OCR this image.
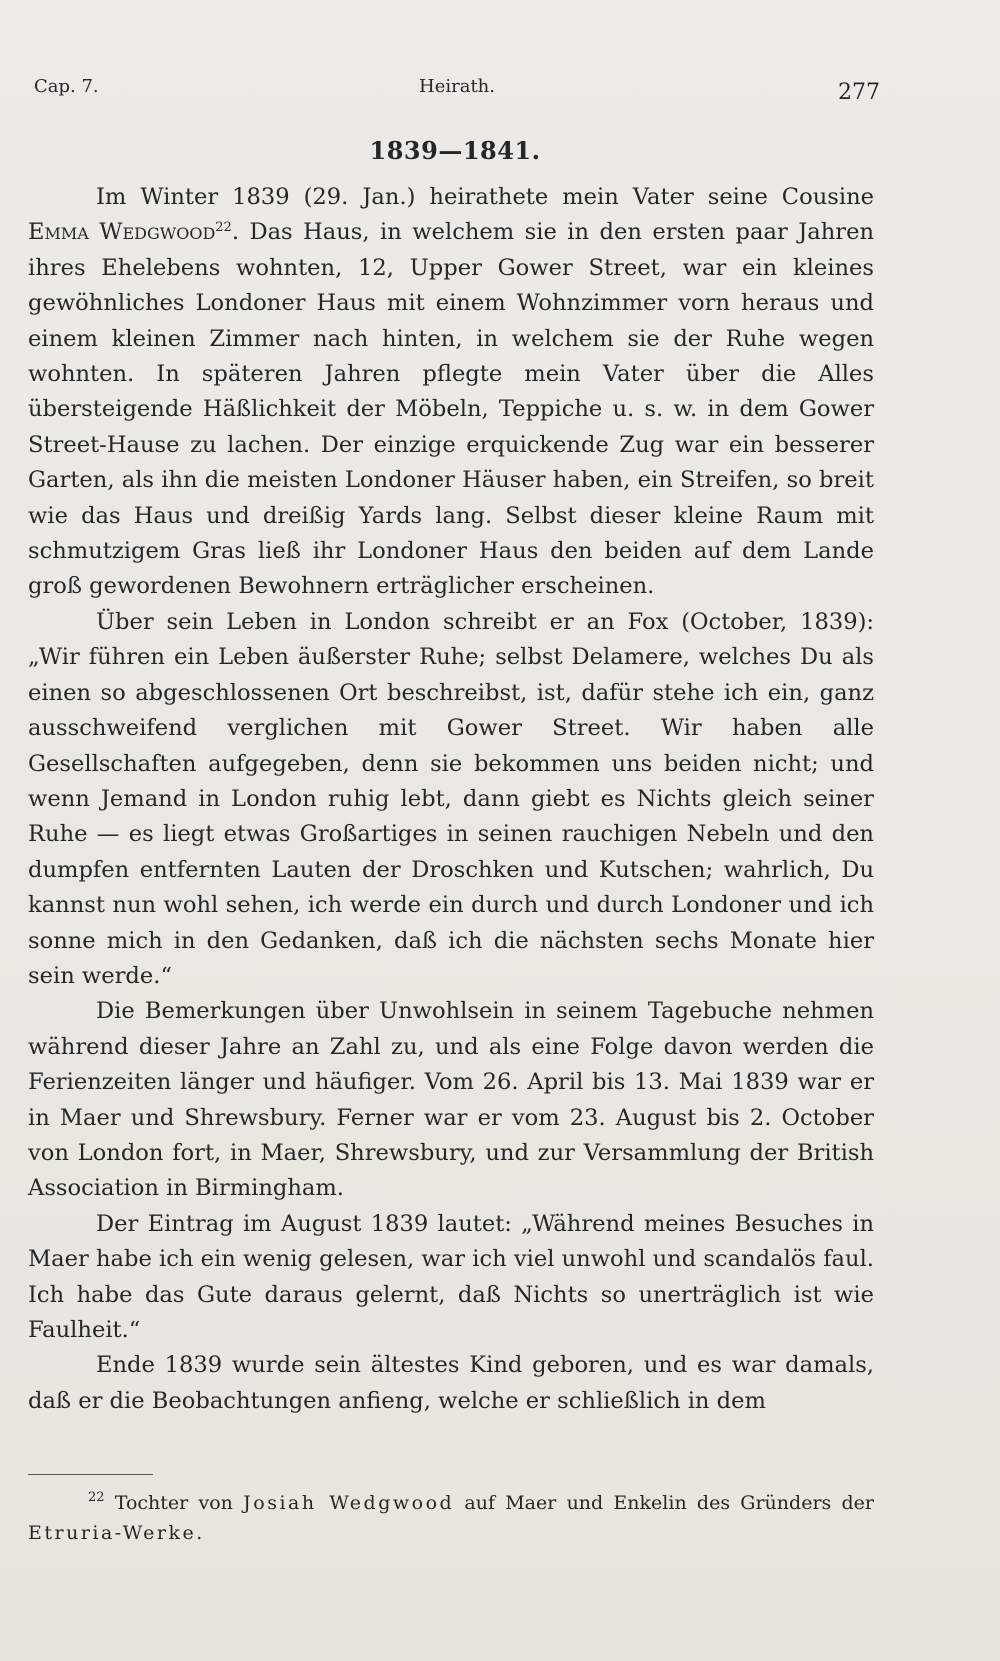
Cap. 7.	Heirath.	277
1839—1841.

Im Winter 1839 (29. Jan.) heirathete mein Vater seine Cousine Emma Wedgwood$^{22}$. Das Haus, in welchem sie in den ersten paar Jahren ihres Ehelebens wohnten, 12, Upper Gower Street, war ein kleines gewöhnliches Londoner Haus mit einem Wohnzimmer vorn heraus und einem kleinen Zimmer nach hinten, in welchem sie der Ruhe wegen wohnten. In späteren Jahren pflegte mein Vater über die Alles übersteigende Häßlichkeit der Möbeln, Teppiche u. s. w. in dem Gower Street-Hause zu lachen. Der einzige erquickende Zug war ein besserer Garten, als ihn die meisten Londoner Häuser haben, ein Streifen, so breit wie das Haus und dreißig Yards lang. Selbst dieser kleine Raum mit schmutzigem Gras ließ ihr Londoner Haus den beiden auf dem Lande groß gewordenen Bewohnern erträglicher erscheinen.

Über sein Leben in London schreibt er an Fox (October, 1839): „Wir führen ein Leben äußerster Ruhe; selbst Delamere, welches Du als einen so abgeschlossenen Ort beschreibst, ist, dafür stehe ich ein, ganz ausschweifend verglichen mit Gower Street. Wir haben alle Gesellschaften aufgegeben, denn sie bekommen uns beiden nicht; und wenn Jemand in London ruhig lebt, dann giebt es Nichts gleich seiner Ruhe — es liegt etwas Großartiges in seinen rauchigen Nebeln und den dumpfen entfernten Lauten der Droschken und Kutschen; wahrlich, Du kannst nun wohl sehen, ich werde ein durch und durch Londoner und ich sonne mich in den Gedanken, daß ich die nächsten sechs Monate hier sein werde.“

Die Bemerkungen über Unwohlsein in seinem Tagebuche nehmen während dieser Jahre an Zahl zu, und als eine Folge davon werden die Ferienzeiten länger und häufiger. Vom 26. April bis 13. Mai 1839 war er in Maer und Shrewsbury. Ferner war er vom 23. August bis 2. October von London fort, in Maer, Shrewsbury, und zur Versammlung der British Association in Birmingham.

Der Eintrag im August 1839 lautet: „Während meines Besuches in Maer habe ich ein wenig gelesen, war ich viel unwohl und scandalös faul. Ich habe das Gute daraus gelernt, daß Nichts so unerträglich ist wie Faulheit.“

Ende 1839 wurde sein ältestes Kind geboren, und es war damals, daß er die Beobachtungen anfieng, welche er schließlich in dem

$^{22}$ Tochter von Josiah Wedgwood auf Maer und Enkelin des Gründers der Etruria-Werke.
